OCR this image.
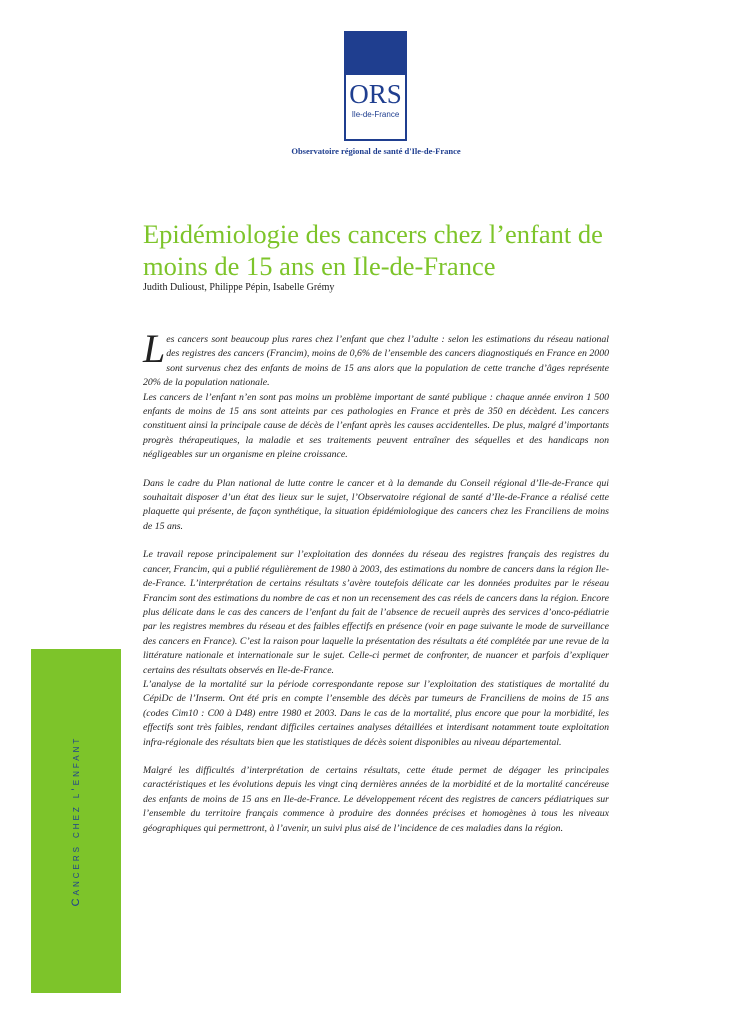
ORS
Ile-de-France
Observatoire régional de santé d'Ile-de-France
Epidémiologie des cancers chez l’enfant de moins de 15 ans en Ile-de-France
Judith Dulioust, Philippe Pépin, Isabelle Grémy

Les cancers sont beaucoup plus rares chez l’enfant que chez l’adulte : selon les estimations du réseau national des registres des cancers (Francim), moins de 0,6% de l’ensemble des cancers diagnostiqués en France en 2000 sont survenus chez des enfants de moins de 15 ans alors que la population de cette tranche d’âges représente 20% de la population nationale.

Les cancers de l’enfant n’en sont pas moins un problème important de santé publique : chaque année environ 1 500 enfants de moins de 15 ans sont atteints par ces pathologies en France et près de 350 en décèdent. Les cancers constituent ainsi la principale cause de décès de l’enfant après les causes accidentelles. De plus, malgré d’importants progrès thérapeutiques, la maladie et ses traitements peuvent entraîner des séquelles et des handicaps non négligeables sur un organisme en pleine croissance.

Dans le cadre du Plan national de lutte contre le cancer et à la demande du Conseil régional d’Ile-de-France qui souhaitait disposer d’un état des lieux sur le sujet, l’Observatoire régional de santé d’Ile-de-France a réalisé cette plaquette qui présente, de façon synthétique, la situation épidémiologique des cancers chez les Franciliens de moins de 15 ans.

Le travail repose principalement sur l’exploitation des données du réseau des registres français des registres du cancer, Francim, qui a publié régulièrement de 1980 à 2003, des estimations du nombre de cancers dans la région Ile-de-France. L’interprétation de certains résultats s’avère toutefois délicate car les données produites par le réseau Francim sont des estimations du nombre de cas et non un recensement des cas réels de cancers dans la région. Encore plus délicate dans le cas des cancers de l’enfant du fait de l’absence de recueil auprès des services d’onco-pédiatrie par les registres membres du réseau et des faibles effectifs en présence (voir en page suivante le mode de surveillance des cancers en France). C’est la raison pour laquelle la présentation des résultats a été complétée par une revue de la littérature nationale et internationale sur le sujet. Celle-ci permet de confronter, de nuancer et parfois d’expliquer certains des résultats observés en Ile-de-France.

L’analyse de la mortalité sur la période correspondante repose sur l’exploitation des statistiques de mortalité du CépiDc de l’Inserm. Ont été pris en compte l’ensemble des décès par tumeurs de Franciliens de moins de 15 ans (codes Cim10 : C00 à D48) entre 1980 et 2003. Dans le cas de la mortalité, plus encore que pour la morbidité, les effectifs sont très faibles, rendant difficiles certaines analyses détaillées et interdisant notamment toute exploitation infra-régionale des résultats bien que les statistiques de décès soient disponibles au niveau départemental.

Malgré les difficultés d’interprétation de certains résultats, cette étude permet de dégager les principales caractéristiques et les évolutions depuis les vingt cinq dernières années de la morbidité et de la mortalité cancéreuse des enfants de moins de 15 ans en Ile-de-France. Le développement récent des registres de cancers pédiatriques sur l’ensemble du territoire français commence à produire des données précises et homogènes à tous les niveaux géographiques qui permettront, à l’avenir, un suivi plus aisé de l’incidence de ces maladies dans la région.

Cancers chez l’enfant
